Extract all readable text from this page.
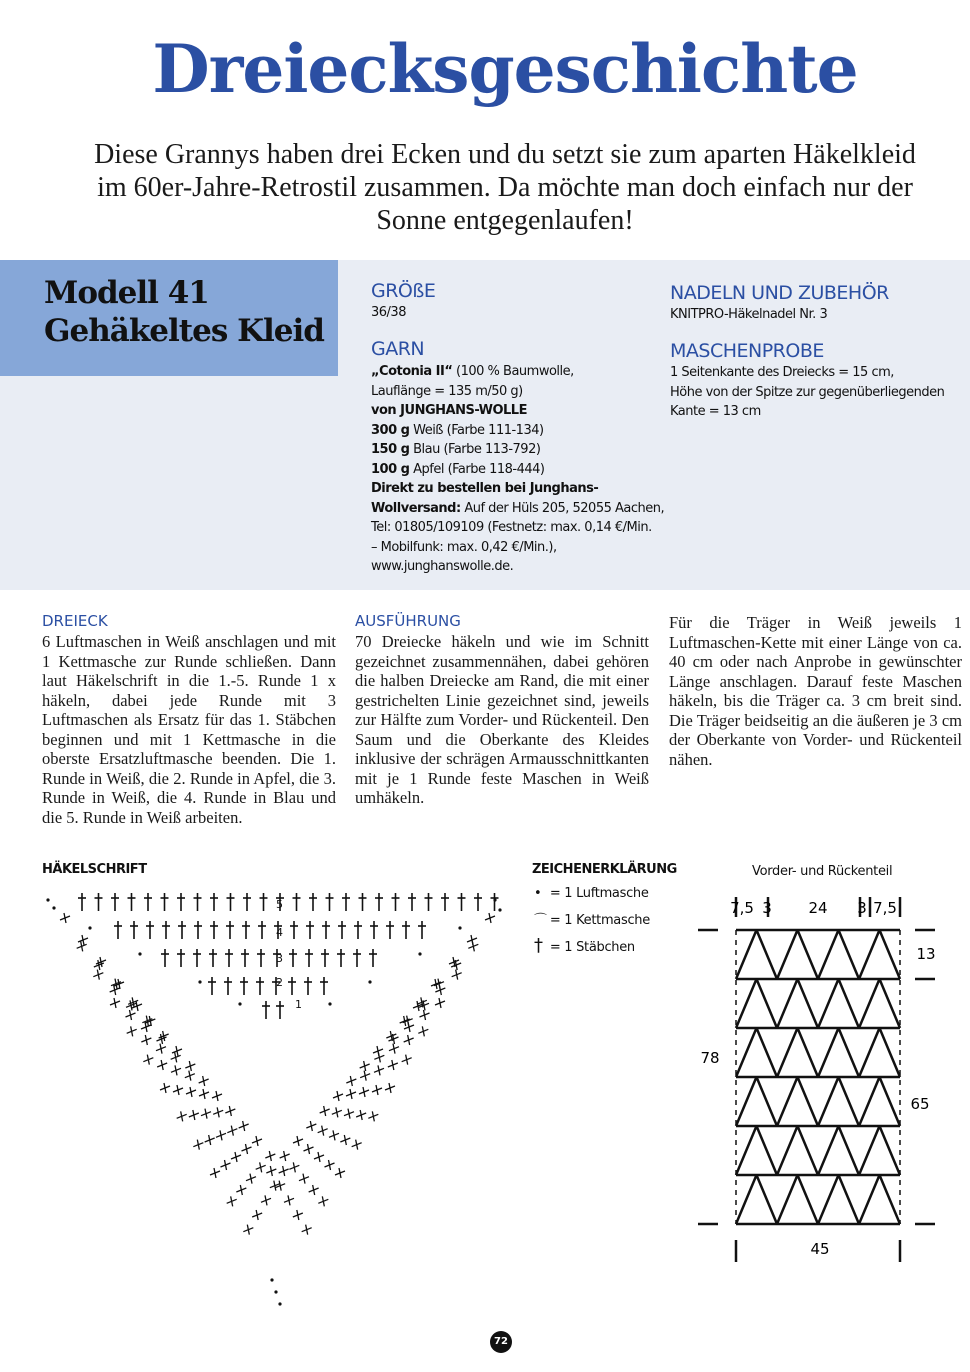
Dreiecksgeschichte
Diese Grannys haben drei Ecken und du setzt sie zum aparten Häkelkleid
im 60er-Jahre-Retrostil zusammen. Da möchte man doch einfach nur der
Sonne entgegenlaufen!
Modell 41
Gehäkeltes Kleid
GRÖßE
36/38
GARN
„Cotonia II“ (100 % Baumwolle,
Lauflänge = 135 m/50 g)
von JUNGHANS-WOLLE
300 g Weiß (Farbe 111-134)
150 g Blau (Farbe 113-792)
100 g Apfel (Farbe 118-444)
Direkt zu bestellen bei Junghans-
Wollversand: Auf der Hüls 205, 52055 Aachen,
Tel: 01805/109109 (Festnetz: max. 0,14 €/Min.
– Mobilfunk: max. 0,42 €/Min.),
www.junghanswolle.de.
NADELN UND ZUBEHÖR
KNITPRO-Häkelnadel Nr. 3
MASCHENPROBE
1 Seitenkante des Dreiecks = 15 cm,
Höhe von der Spitze zur gegenüberliegenden
Kante = 13 cm
DREIECK
6 Luftmaschen in Weiß anschlagen und mit 1 Kettmasche zur Runde schließen. Dann laut Häkelschrift in die 1.-5. Runde 1 x häkeln, dabei jede Runde mit 3 Luftmaschen als Ersatz für das 1. Stäbchen beginnen und mit 1 Kettmasche in die oberste Ersatzluftmasche beenden. Die 1. Runde in Weiß, die 2. Runde in Apfel, die 3. Runde in Weiß, die 4. Runde in Blau und die 5. Runde in Weiß arbeiten.
AUSFÜHRUNG
70 Dreiecke häkeln und wie im Schnitt gezeichnet zusammennähen, dabei gehören die halben Dreiecke am Rand, die mit einer gestrichelten Linie gezeichnet sind, jeweils zur Hälfte zum Vorder- und Rückenteil. Den Saum und die Oberkante des Kleides inklusive der schrägen Armausschnittkanten mit je 1 Runde feste Maschen in Weiß umhäkeln.
Für die Träger in Weiß jeweils 1 Luftmaschen-Kette mit einer Länge von ca. 40 cm oder nach Anprobe in gewünschter Länge anschlagen. Darauf feste Maschen häkeln, bis die Träger ca. 3 cm breit sind. Die Träger beidseitig an die äußeren je 3 cm der Oberkante von Vorder- und Rückenteil nähen.
HÄKELSCHRIFT
1
2
3
4
5
ZEICHENERKLÄRUNG
• = 1 Luftmasche
⌒ = 1 Kettmasche
† = 1 Stäbchen
Vorder- und Rückenteil
7,5 3 24 3 7,5
78
13
65
45
72
